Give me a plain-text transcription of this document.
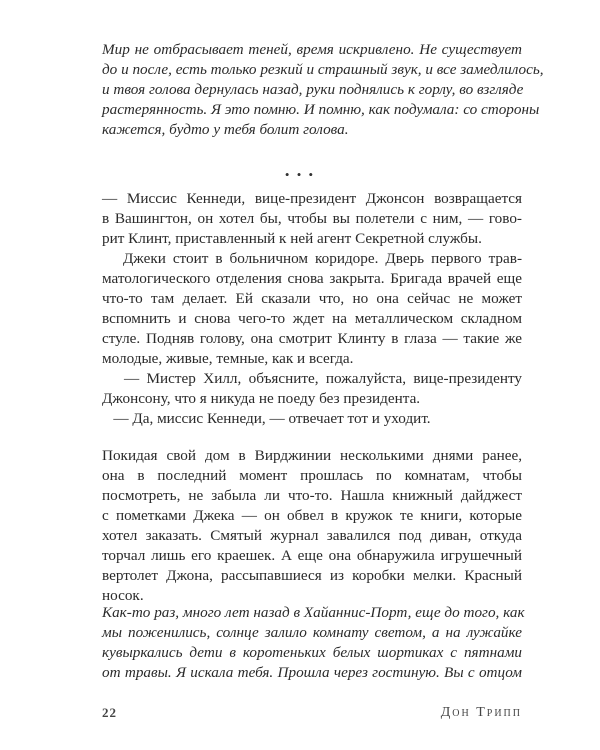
Мир не отбрасывает теней, время искривлено. Не существует
до и после, есть только резкий и страшный звук, и все замедлилось,
и твоя голова дернулась назад, руки поднялись к горлу, во взгляде
растерянность. Я это помню. И помню, как подумала: со стороны
кажется, будто у тебя болит голова.
• • •
— Миссис Кеннеди, вице-президент Джонсон возвращается
в Вашингтон, он хотел бы, чтобы вы полетели с ним, — гово-
рит Клинт, приставленный к ней агент Секретной службы.
Джеки стоит в больничном коридоре. Дверь первого трав-
матологического отделения снова закрыта. Бригада врачей еще
что-то там делает. Ей сказали что, но она сейчас не может
вспомнить и снова чего-то ждет на металлическом складном
стуле. Подняв голову, она смотрит Клинту в глаза — такие же
молодые, живые, темные, как и всегда.
— Мистер Хилл, объясните, пожалуйста, вице-президенту
Джонсону, что я никуда не поеду без президента.
— Да, миссис Кеннеди, — отвечает тот и уходит.
Покидая свой дом в Вирджинии несколькими днями ранее,
она в последний момент прошлась по комнатам, чтобы
посмотреть, не забыла ли что-то. Нашла книжный дайджест
с пометками Джека — он обвел в кружок те книги, которые
хотел заказать. Смятый журнал завалился под диван, откуда
торчал лишь его краешек. А еще она обнаружила игрушечный
вертолет Джона, рассыпавшиеся из коробки мелки. Красный
носок.
Как-то раз, много лет назад в Хайаннис-Порт, еще до того, как
мы поженились, солнце залило комнату светом, а на лужайке
кувыркались дети в коротеньких белых шортиках с пятнами
от травы. Я искала тебя. Прошла через гостиную. Вы с отцом
22	Дон Трипп
